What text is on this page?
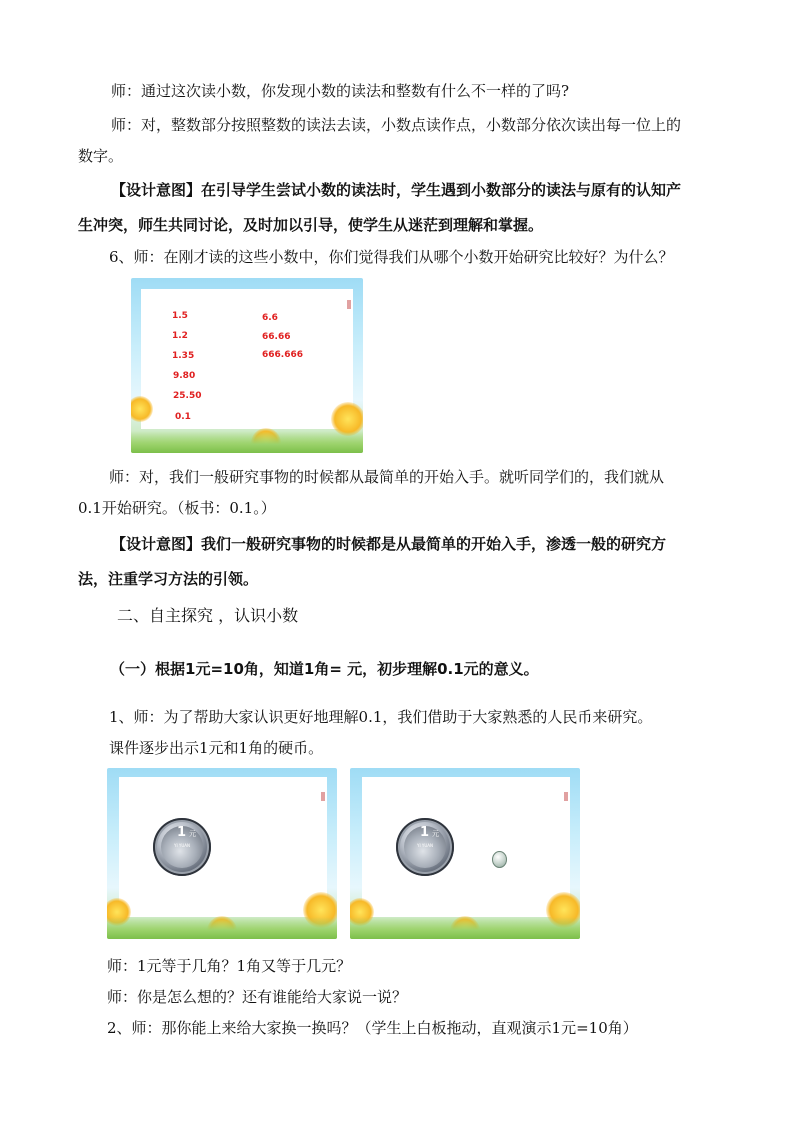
师：通过这次读小数，你发现小数的读法和整数有什么不一样的了吗?
师：对，整数部分按照整数的读法去读，小数点读作点，小数部分依次读出每一位上的
数字。
【设计意图】在引导学生尝试小数的读法时，学生遇到小数部分的读法与原有的认知产
生冲突，师生共同讨论，及时加以引导，使学生从迷茫到理解和掌握。
6、师：在刚才读的这些小数中，你们觉得我们从哪个小数开始研究比较好？为什么？
1.5
1.2
1.35
9.80
25.50
0.1
6.6
66.66
666.666
师：对，我们一般研究事物的时候都从最简单的开始入手。就听同学们的，我们就从
0.1开始研究。（板书：0.1。）
【设计意图】我们一般研究事物的时候都是从最简单的开始入手，渗透一般的研究方
法，注重学习方法的引领。
二、自主探究 ，认识小数
（一）根据1元=10角，知道1角= 元，初步理解0.1元的意义。
1、师：为了帮助大家认识更好地理解0.1，我们借助于大家熟悉的人民币来研究。
课件逐步出示1元和1角的硬币。
1 元
YI YUAN
1 元
YI YUAN
师：1元等于几角？1角又等于几元？
师：你是怎么想的？还有谁能给大家说一说？
2、师：那你能上来给大家换一换吗？（学生上白板拖动，直观演示1元=10角）
